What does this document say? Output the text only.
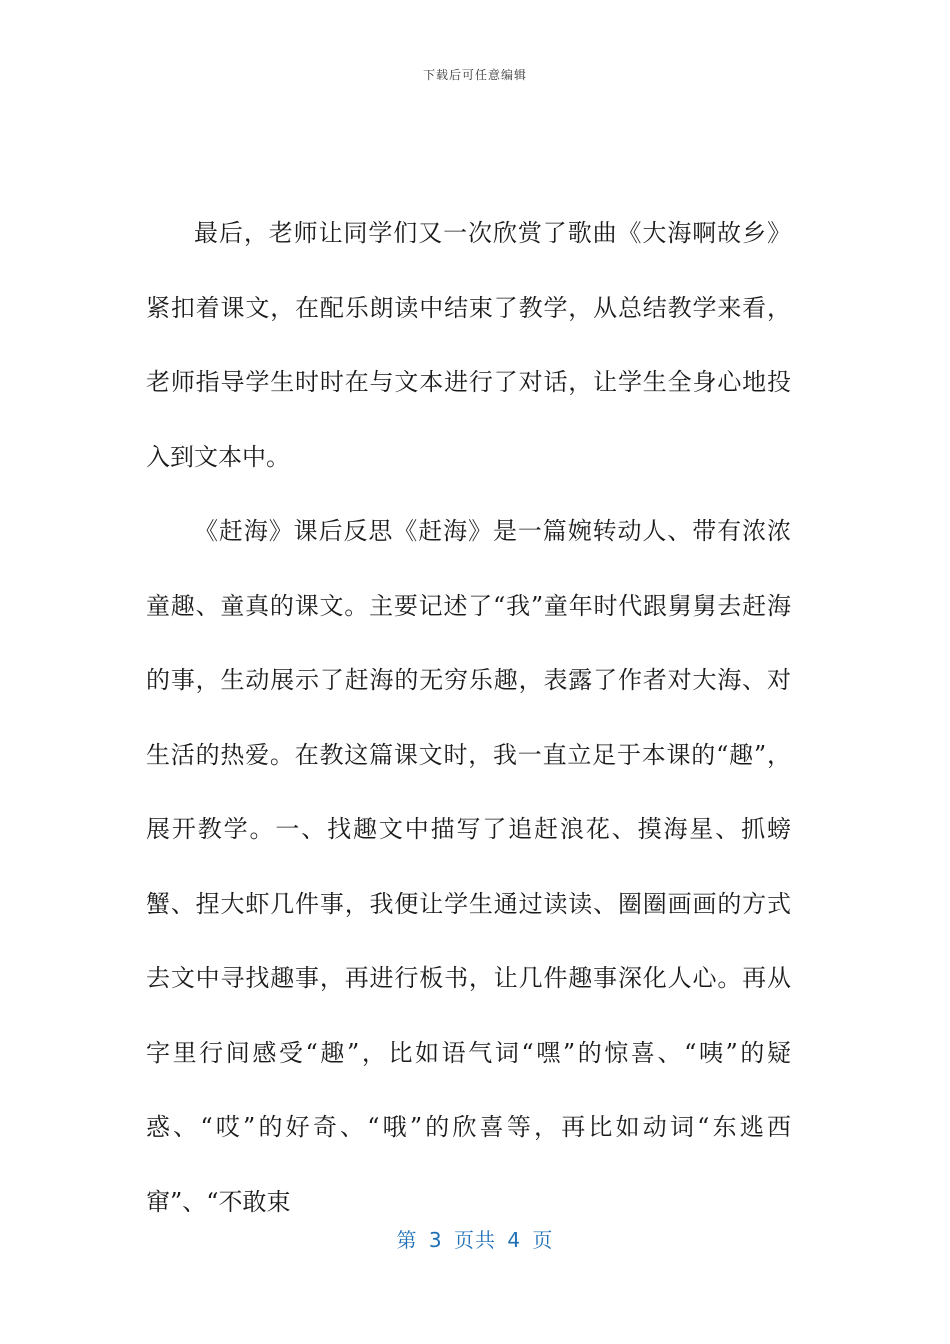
下载后可任意编辑

最后，老师让同学们又一次欣赏了歌曲《大海啊故乡》紧扣着课文，在配乐朗读中结束了教学，从总结教学来看，老师指导学生时时在与文本进行了对话，让学生全身心地投入到文本中。

《赶海》课后反思《赶海》是一篇婉转动人、带有浓浓童趣、童真的课文。主要记述了“我”童年时代跟舅舅去赶海的事，生动展示了赶海的无穷乐趣，表露了作者对大海、对生活的热爱。在教这篇课文时，我一直立足于本课的“趣”，展开教学。一、找趣文中描写了追赶浪花、摸海星、抓螃蟹、捏大虾几件事，我便让学生通过读读、圈圈画画的方式去文中寻找趣事，再进行板书，让几件趣事深化人心。再从字里行间感受“趣”，比如语气词“嘿”的惊喜、“咦”的疑惑、“哎”的好奇、“哦”的欣喜等，再比如动词“东逃西窜”、“不敢束

第 3 页共 4 页
